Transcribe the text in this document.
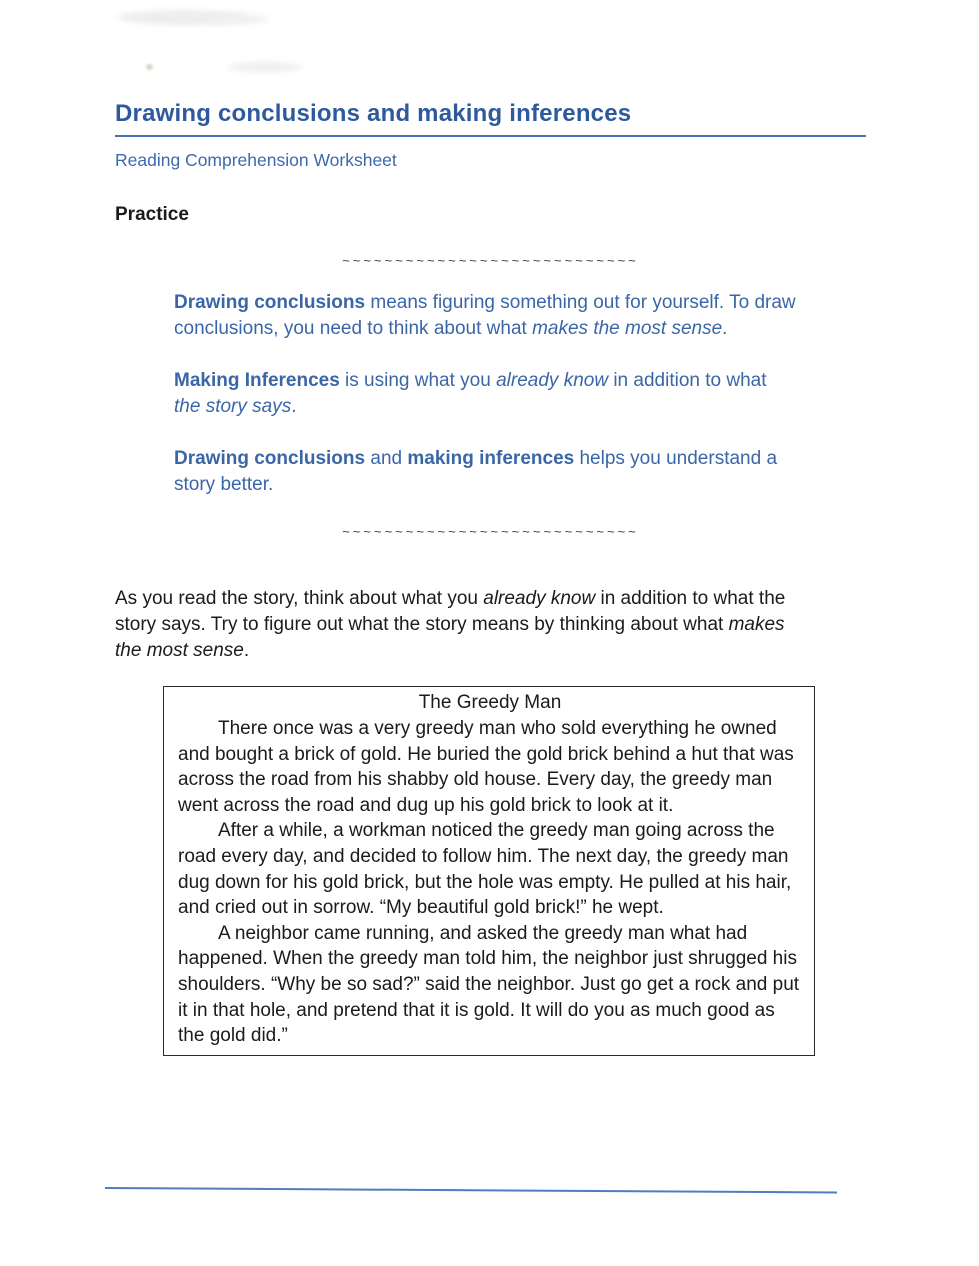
Drawing conclusions and making inferences
Reading Comprehension Worksheet
Practice
~~~~~~~~~~~~~~~~~~~~~~~~~~~~

Drawing conclusions means figuring something out for yourself. To draw conclusions, you need to think about what makes the most sense.

Making Inferences is using what you already know in addition to what the story says.

Drawing conclusions and making inferences helps you understand a story better.

~~~~~~~~~~~~~~~~~~~~~~~~~~~~

As you read the story, think about what you already know in addition to what the story says. Try to figure out what the story means by thinking about what makes the most sense.

The Greedy Man

There once was a very greedy man who sold everything he owned and bought a brick of gold. He buried the gold brick behind a hut that was across the road from his shabby old house. Every day, the greedy man went across the road and dug up his gold brick to look at it.

After a while, a workman noticed the greedy man going across the road every day, and decided to follow him. The next day, the greedy man dug down for his gold brick, but the hole was empty. He pulled at his hair, and cried out in sorrow. “My beautiful gold brick!” he wept.

A neighbor came running, and asked the greedy man what had happened. When the greedy man told him, the neighbor just shrugged his shoulders. “Why be so sad?” said the neighbor. Just go get a rock and put it in that hole, and pretend that it is gold. It will do you as much good as the gold did.”
